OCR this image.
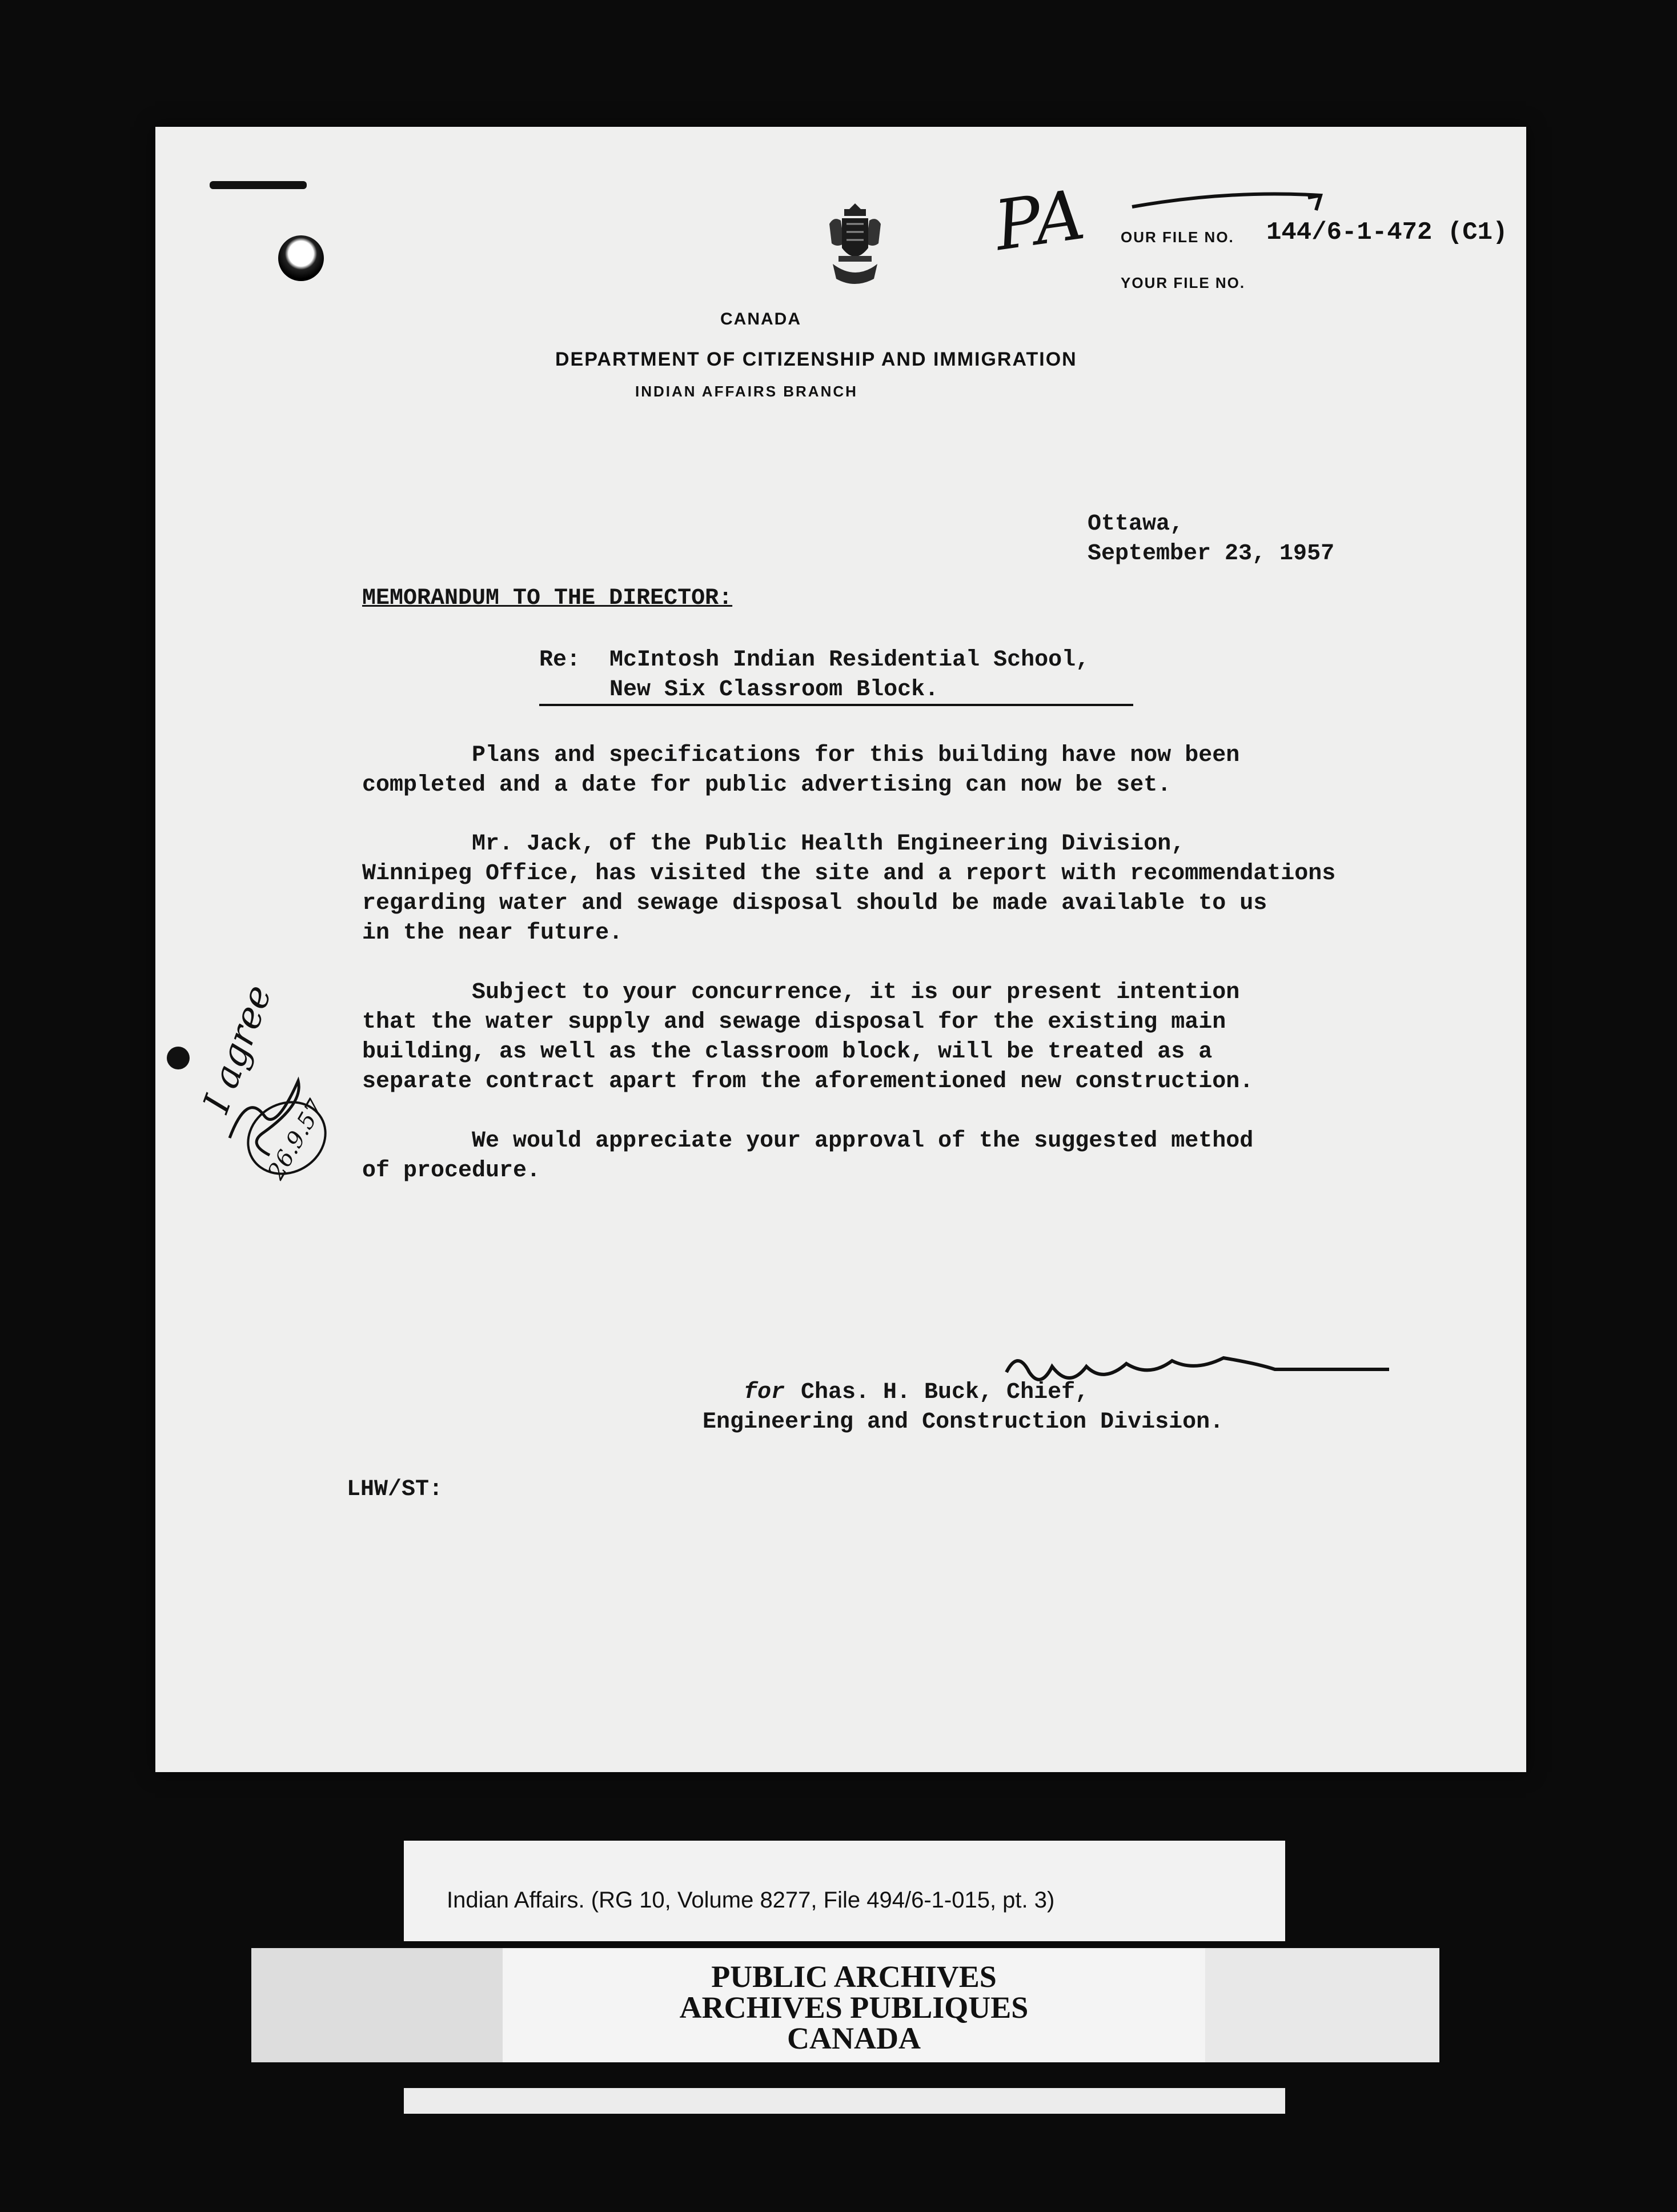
CANADA
DEPARTMENT OF CITIZENSHIP AND IMMIGRATION
INDIAN AFFAIRS BRANCH
OUR FILE NO. 144/6-1-472 (C1)
YOUR FILE NO.
PA
Ottawa,
September 23, 1957
MEMORANDUM TO THE DIRECTOR:
Re: McIntosh Indian Residential School,
New Six Classroom Block.
Plans and specifications for this building have now been
completed and a date for public advertising can now be set.
Mr. Jack, of the Public Health Engineering Division,
Winnipeg Office, has visited the site and a report with recommendations
regarding water and sewage disposal should be made available to us
in the near future.
Subject to your concurrence, it is our present intention
that the water supply and sewage disposal for the existing main
building, as well as the classroom block, will be treated as a
separate contract apart from the aforementioned new construction.
We would appreciate your approval of the suggested method
of procedure.
I agree
26.9.57
for Chas. H. Buck, Chief,
Engineering and Construction Division.
LHW/ST:
Indian Affairs. (RG 10, Volume 8277, File 494/6-1-015, pt. 3)
PUBLIC ARCHIVES
ARCHIVES PUBLIQUES
CANADA
